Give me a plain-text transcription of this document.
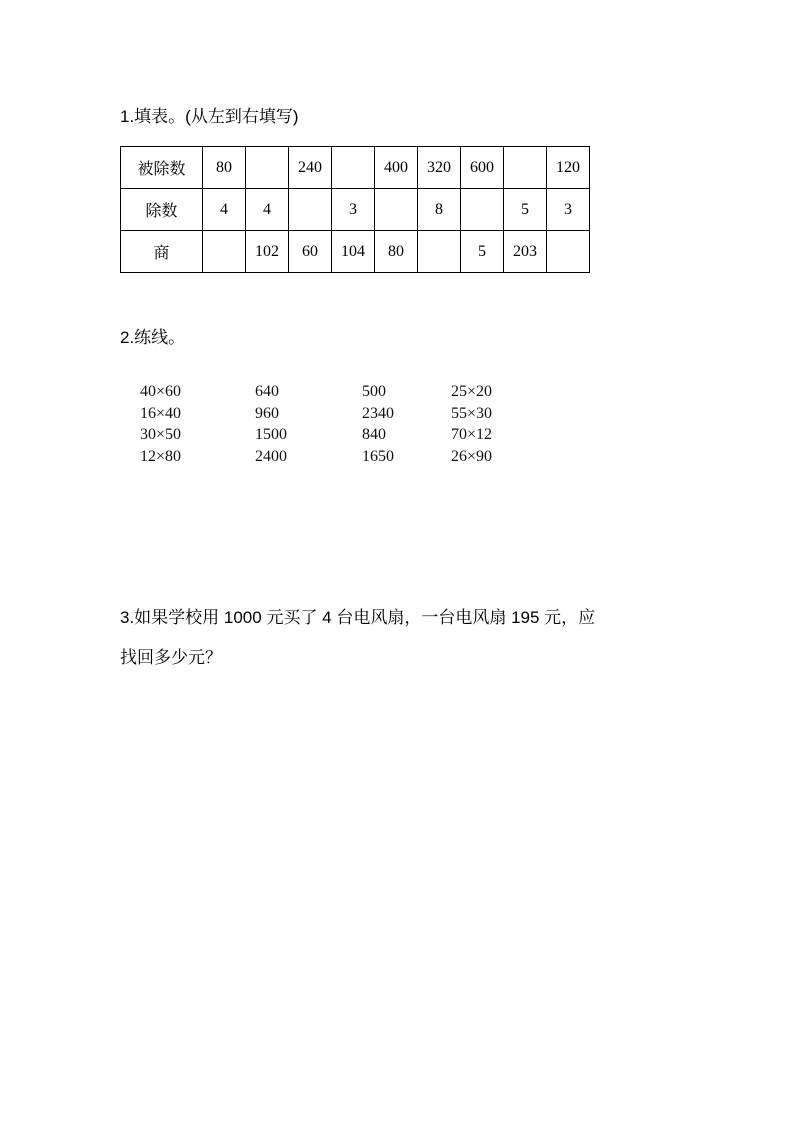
1.填表。(从左到右填写)
被除数	80		240		400	320	600		120
除数	4	4		3		8		5	3
商		102	60	104	80		5	203	
2.练线。
40×60	640	500	25×20
16×40	960	2340	55×30
30×50	1500	840	70×12
12×80	2400	1650	26×90

3.如果学校用 1000 元买了 4 台电风扇，一台电风扇 195 元，应

找回多少元？
